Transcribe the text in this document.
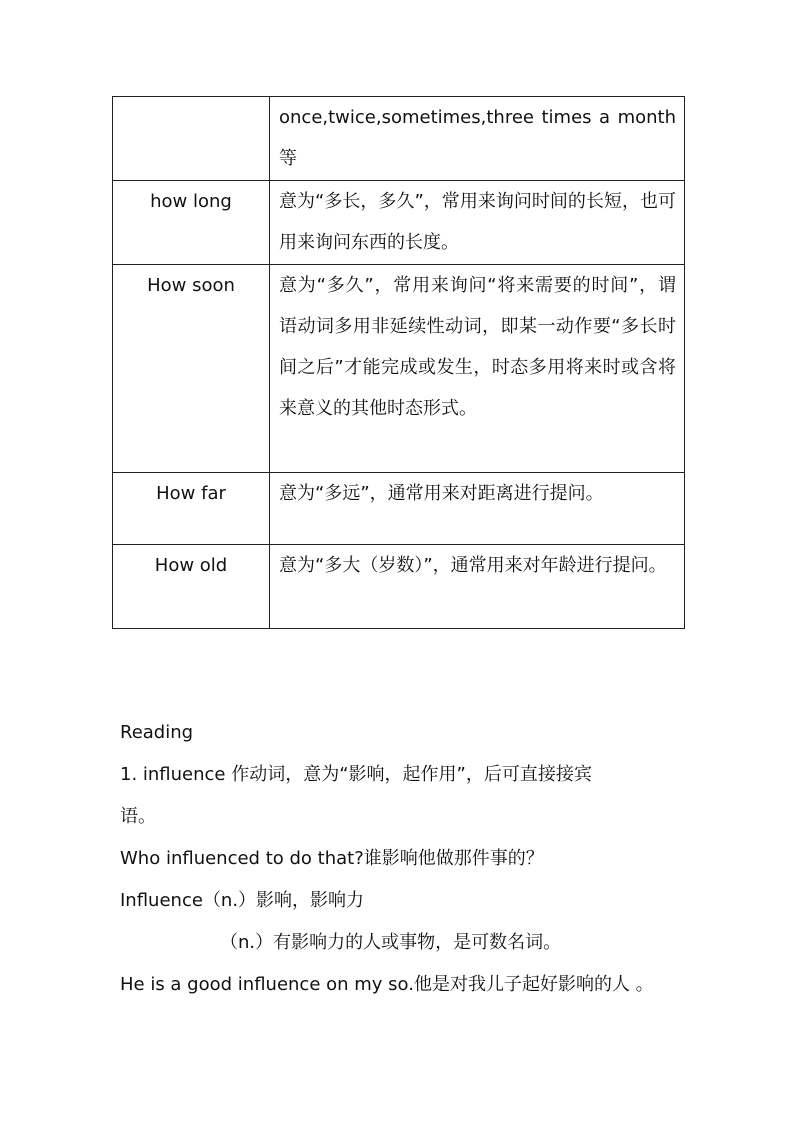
	once,twice,sometimes,three times a month 等
how long	意为“多长，多久”，常用来询问时间的长短，也可用来询问东西的长度。
How soon	意为“多久”，常用来询问“将来需要的时间”，谓语动词多用非延续性动词，即某一动作要“多长时间之后”才能完成或发生，时态多用将来时或含将来意义的其他时态形式。
How far	意为“多远”，通常用来对距离进行提问。
How old	意为“多大（岁数）”，通常用来对年龄进行提问。
Reading
1. influence 作动词，意为“影响，起作用”，后可直接接宾
语。
Who influenced to do that?谁影响他做那件事的？
Influence（n.）影响，影响力
（n.）有影响力的人或事物，是可数名词。
He is a good influence on my so.他是对我儿子起好影响的人 。
